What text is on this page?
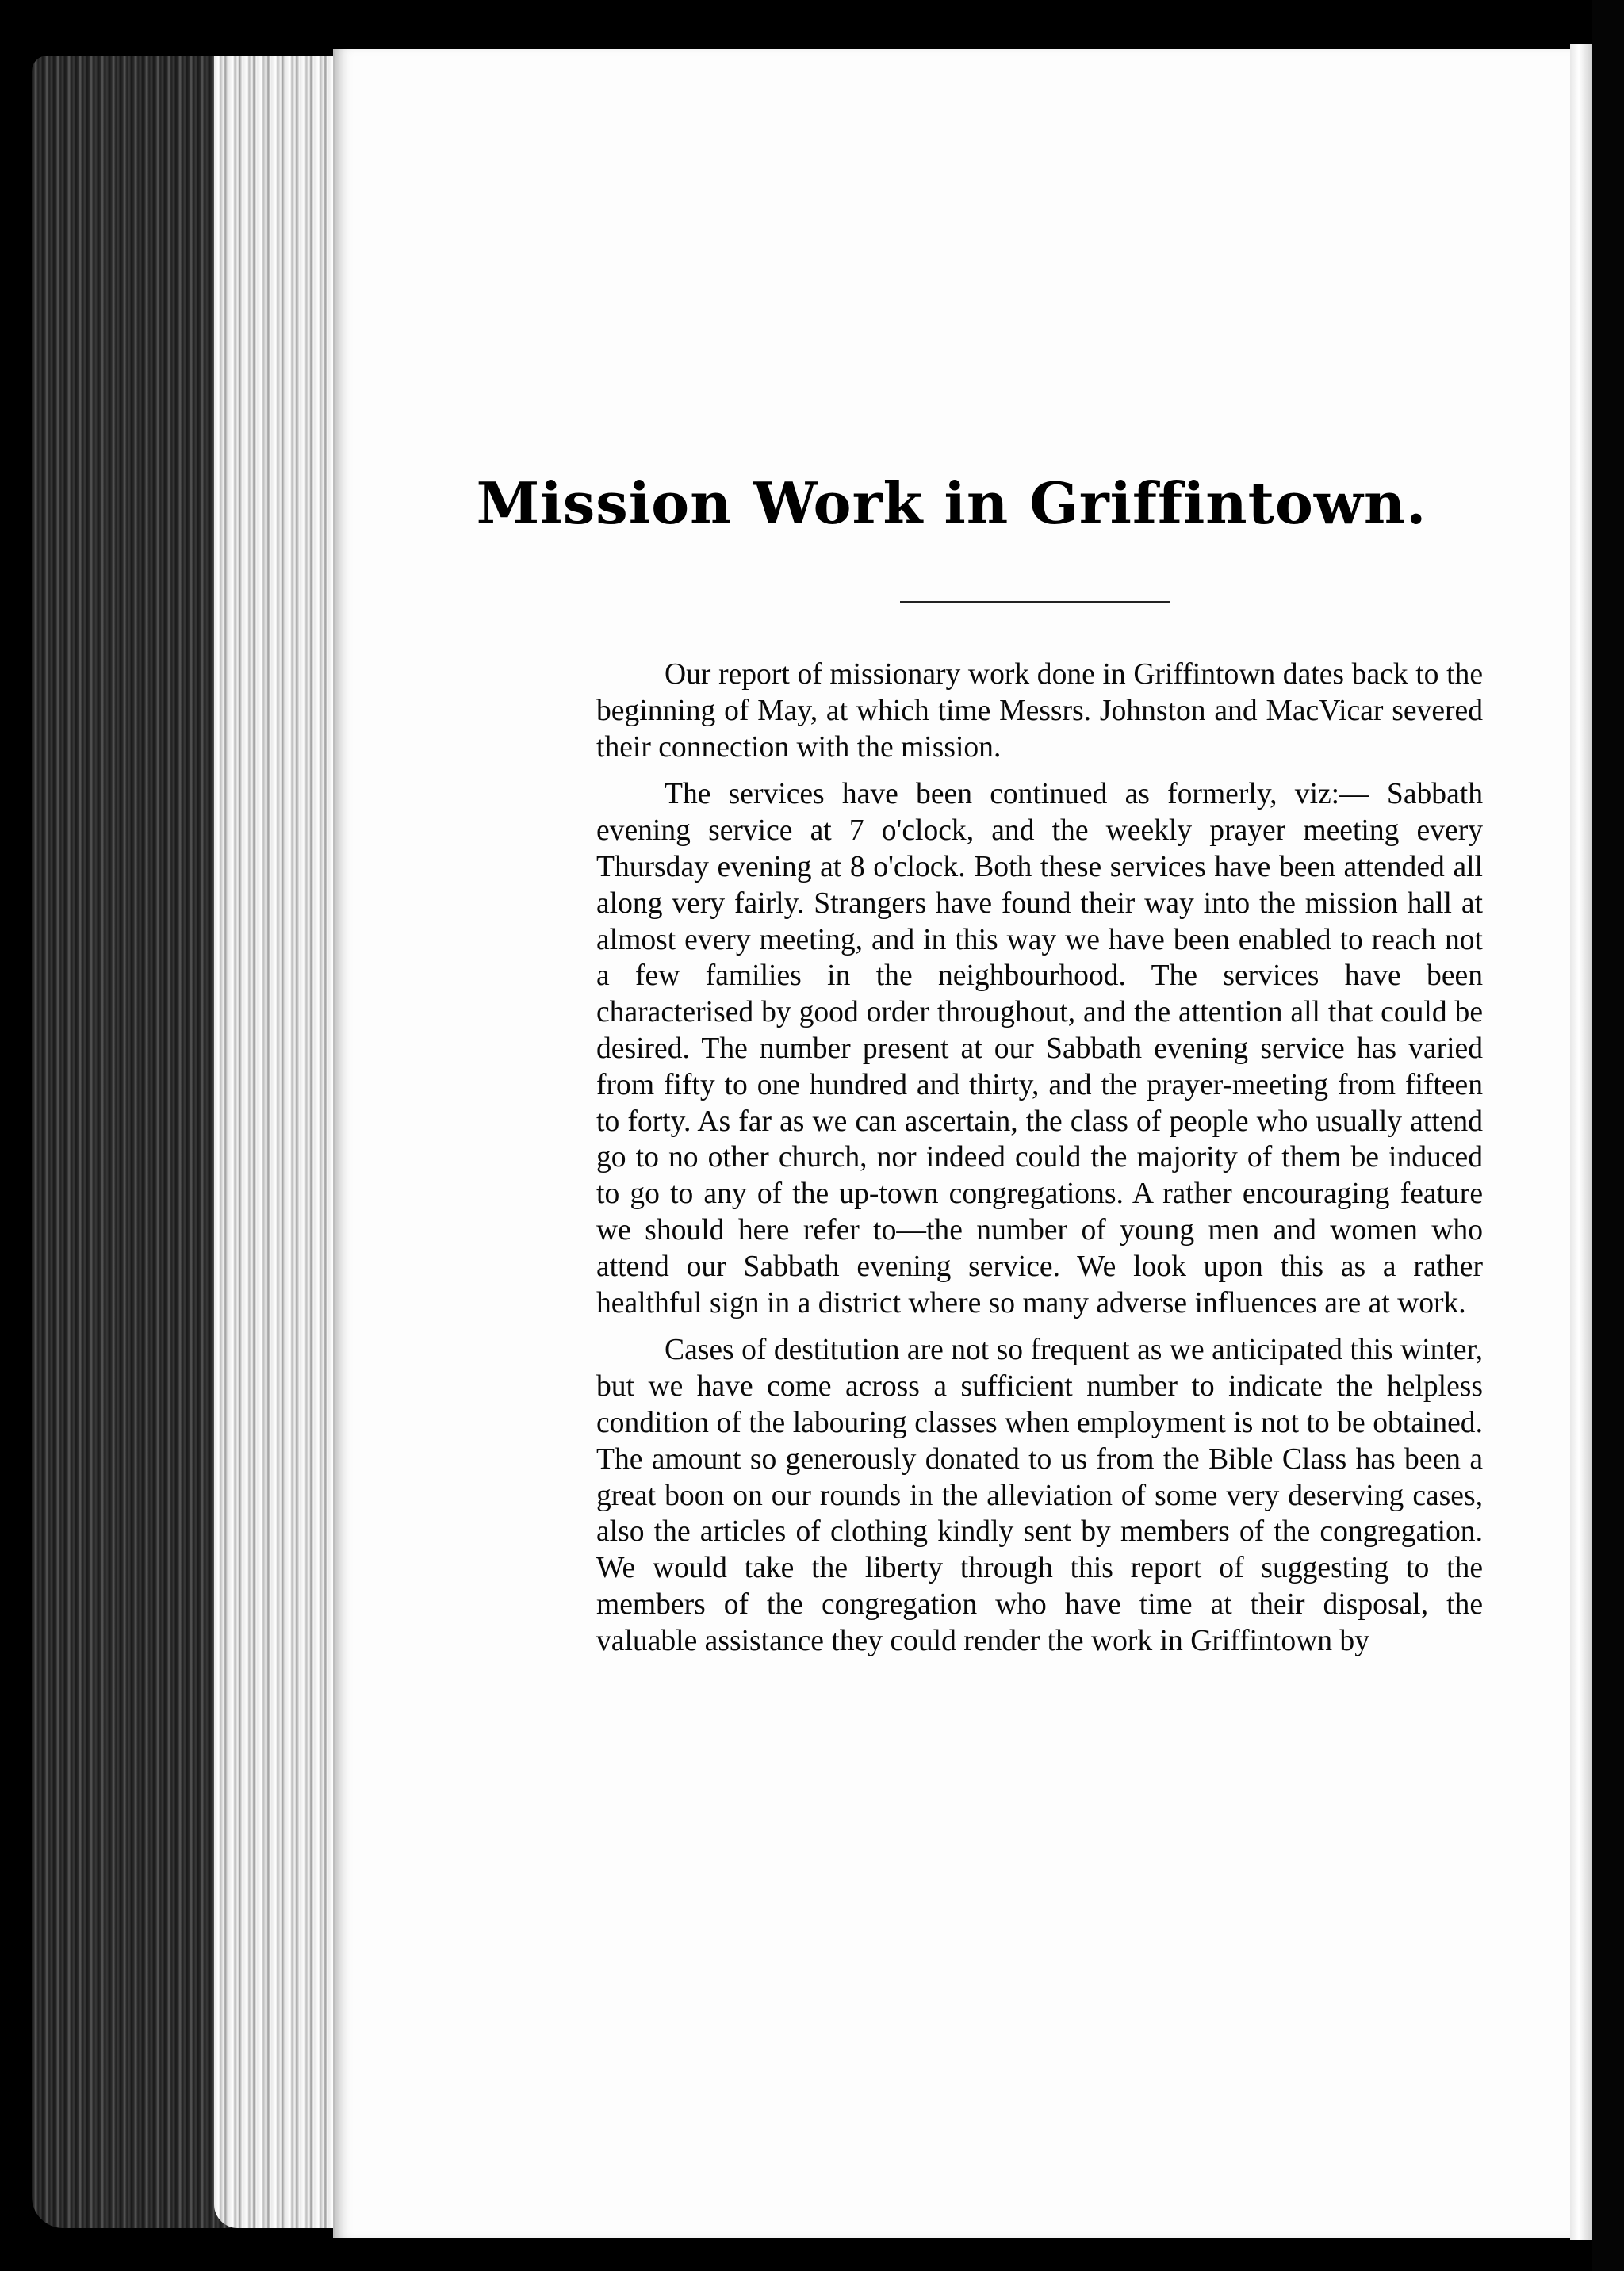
Mission Work in Griffintown.

Our report of missionary work done in Griffintown dates back to the beginning of May, at which time Messrs. Johnston and MacVicar severed their connection with the mission.

The services have been continued as formerly, viz:— Sabbath evening service at 7 o'clock, and the weekly prayer meeting every Thursday evening at 8 o'clock. Both these services have been attended all along very fairly. Strangers have found their way into the mission hall at almost every meeting, and in this way we have been enabled to reach not a few families in the neighbourhood. The services have been characterised by good order throughout, and the attention all that could be desired. The number present at our Sabbath evening service has varied from fifty to one hundred and thirty, and the prayer-meeting from fifteen to forty. As far as we can ascertain, the class of people who usually attend go to no other church, nor indeed could the majority of them be induced to go to any of the up-town congregations. A rather encouraging feature we should here refer to—the number of young men and women who attend our Sabbath evening service. We look upon this as a rather healthful sign in a district where so many adverse influences are at work.

Cases of destitution are not so frequent as we anticipated this winter, but we have come across a sufficient number to indicate the helpless condition of the labouring classes when employment is not to be obtained. The amount so generously donated to us from the Bible Class has been a great boon on our rounds in the alleviation of some very deserving cases, also the articles of clothing kindly sent by members of the congregation. We would take the liberty through this report of suggesting to the members of the congregation who have time at their disposal, the valuable assistance they could render the work in Griffintown by
